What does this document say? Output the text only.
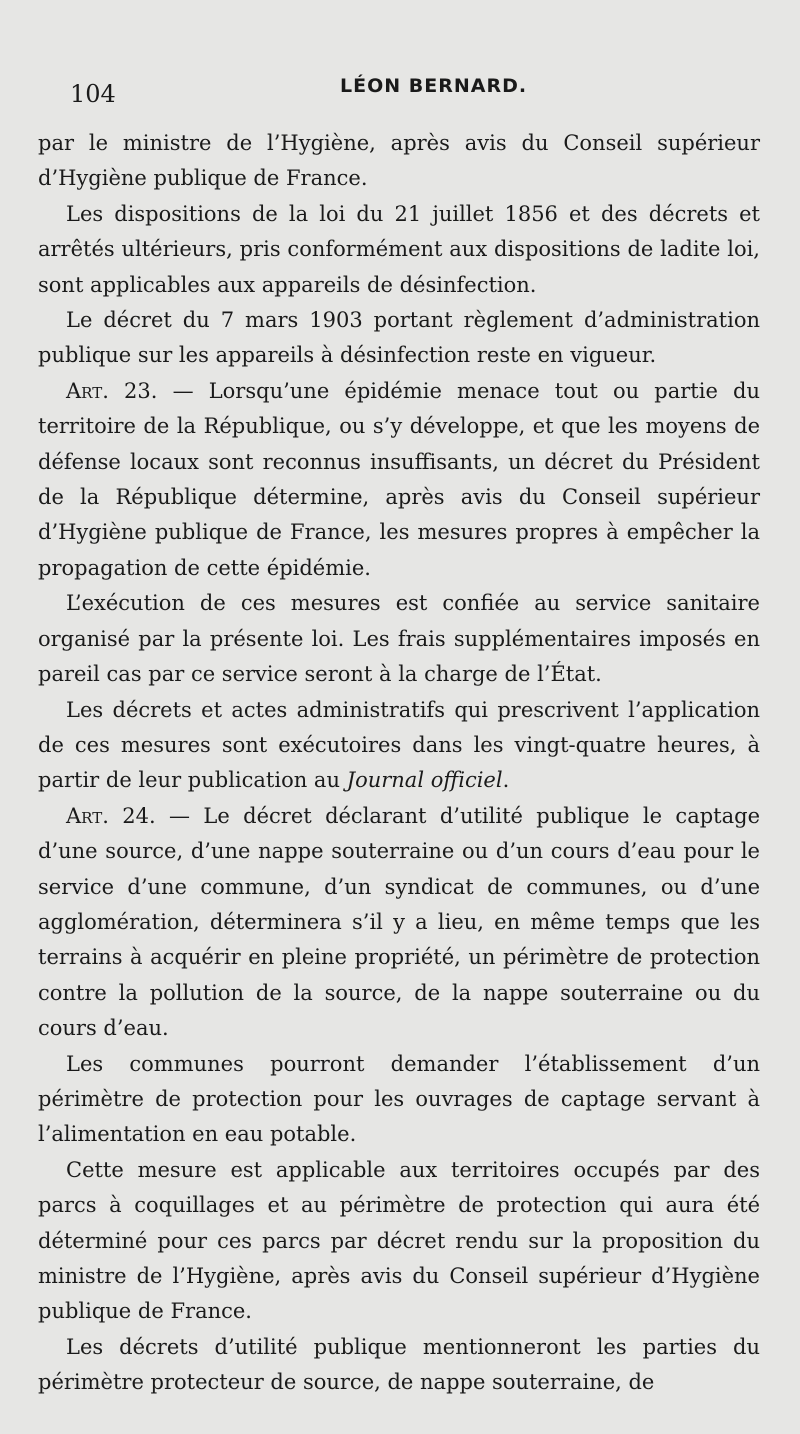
104	LÉON BERNARD.

par le ministre de l’Hygiène, après avis du Conseil supérieur d’Hygiène publique de France.

Les dispositions de la loi du 21 juillet 1856 et des décrets et arrêtés ultérieurs, pris conformément aux dispositions de ladite loi, sont applicables aux appareils de désinfection.

Le décret du 7 mars 1903 portant règlement d’administration publique sur les appareils à désinfection reste en vigueur.

Art. 23. — Lorsqu’une épidémie menace tout ou partie du territoire de la République, ou s’y développe, et que les moyens de défense locaux sont reconnus insuffisants, un décret du Président de la République détermine, après avis du Conseil supérieur d’Hygiène publique de France, les mesures propres à empêcher la propagation de cette épidémie.

L’exécution de ces mesures est confiée au service sanitaire organisé par la présente loi. Les frais supplémentaires imposés en pareil cas par ce service seront à la charge de l’État.

Les décrets et actes administratifs qui prescrivent l’application de ces mesures sont exécutoires dans les vingt-quatre heures, à partir de leur publication au Journal officiel.

Art. 24. — Le décret déclarant d’utilité publique le captage d’une source, d’une nappe souterraine ou d’un cours d’eau pour le service d’une commune, d’un syndicat de communes, ou d’une agglomération, déterminera s’il y a lieu, en même temps que les terrains à acquérir en pleine propriété, un périmètre de protection contre la pollution de la source, de la nappe souterraine ou du cours d’eau.

Les communes pourront demander l’établissement d’un périmètre de protection pour les ouvrages de captage servant à l’alimentation en eau potable.

Cette mesure est applicable aux territoires occupés par des parcs à coquillages et au périmètre de protection qui aura été déterminé pour ces parcs par décret rendu sur la proposition du ministre de l’Hygiène, après avis du Conseil supérieur d’Hygiène publique de France.

Les décrets d’utilité publique mentionneront les parties du périmètre protecteur de source, de nappe souterraine, de
